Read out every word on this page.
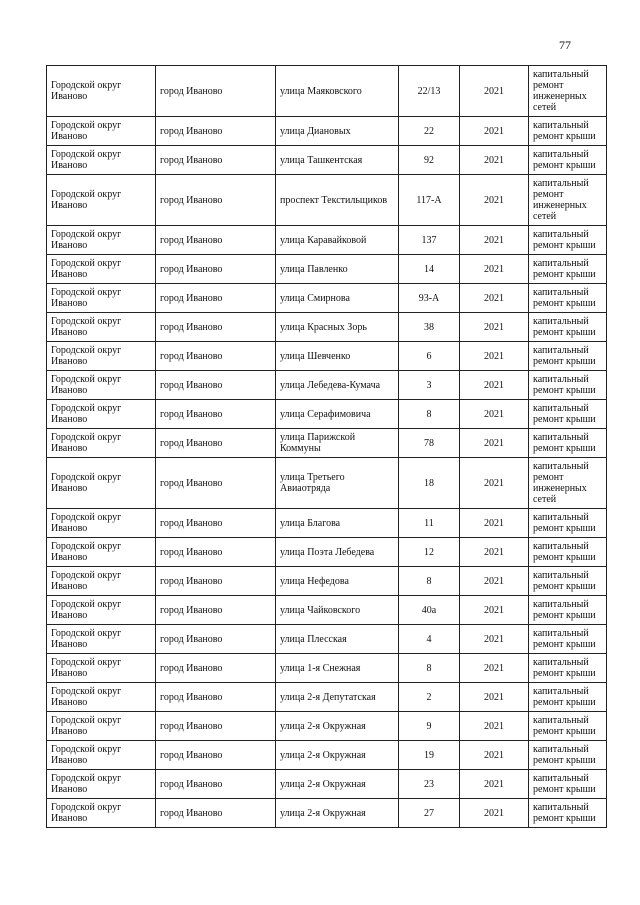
77
Городской округ Иваново	город Иваново	улица Маяковского	22/13	2021	капитальный ремонт инженерных сетей
Городской округ Иваново	город Иваново	улица Диановых	22	2021	капитальный ремонт крыши
Городской округ Иваново	город Иваново	улица Ташкентская	92	2021	капитальный ремонт крыши
Городской округ Иваново	город Иваново	проспект Текстильщиков	117-А	2021	капитальный ремонт инженерных сетей
Городской округ Иваново	город Иваново	улица Каравайковой	137	2021	капитальный ремонт крыши
Городской округ Иваново	город Иваново	улица Павленко	14	2021	капитальный ремонт крыши
Городской округ Иваново	город Иваново	улица Смирнова	93-А	2021	капитальный ремонт крыши
Городской округ Иваново	город Иваново	улица Красных Зорь	38	2021	капитальный ремонт крыши
Городской округ Иваново	город Иваново	улица Шевченко	6	2021	капитальный ремонт крыши
Городской округ Иваново	город Иваново	улица Лебедева-Кумача	3	2021	капитальный ремонт крыши
Городской округ Иваново	город Иваново	улица Серафимовича	8	2021	капитальный ремонт крыши
Городской округ Иваново	город Иваново	улица Парижской Коммуны	78	2021	капитальный ремонт крыши
Городской округ Иваново	город Иваново	улица Третьего Авиаотряда	18	2021	капитальный ремонт инженерных сетей
Городской округ Иваново	город Иваново	улица Благова	11	2021	капитальный ремонт крыши
Городской округ Иваново	город Иваново	улица Поэта Лебедева	12	2021	капитальный ремонт крыши
Городской округ Иваново	город Иваново	улица Нефедова	8	2021	капитальный ремонт крыши
Городской округ Иваново	город Иваново	улица Чайковского	40а	2021	капитальный ремонт крыши
Городской округ Иваново	город Иваново	улица Плесская	4	2021	капитальный ремонт крыши
Городской округ Иваново	город Иваново	улица 1-я Снежная	8	2021	капитальный ремонт крыши
Городской округ Иваново	город Иваново	улица 2-я Депутатская	2	2021	капитальный ремонт крыши
Городской округ Иваново	город Иваново	улица 2-я Окружная	9	2021	капитальный ремонт крыши
Городской округ Иваново	город Иваново	улица 2-я Окружная	19	2021	капитальный ремонт крыши
Городской округ Иваново	город Иваново	улица 2-я Окружная	23	2021	капитальный ремонт крыши
Городской округ Иваново	город Иваново	улица 2-я Окружная	27	2021	капитальный ремонт крыши
